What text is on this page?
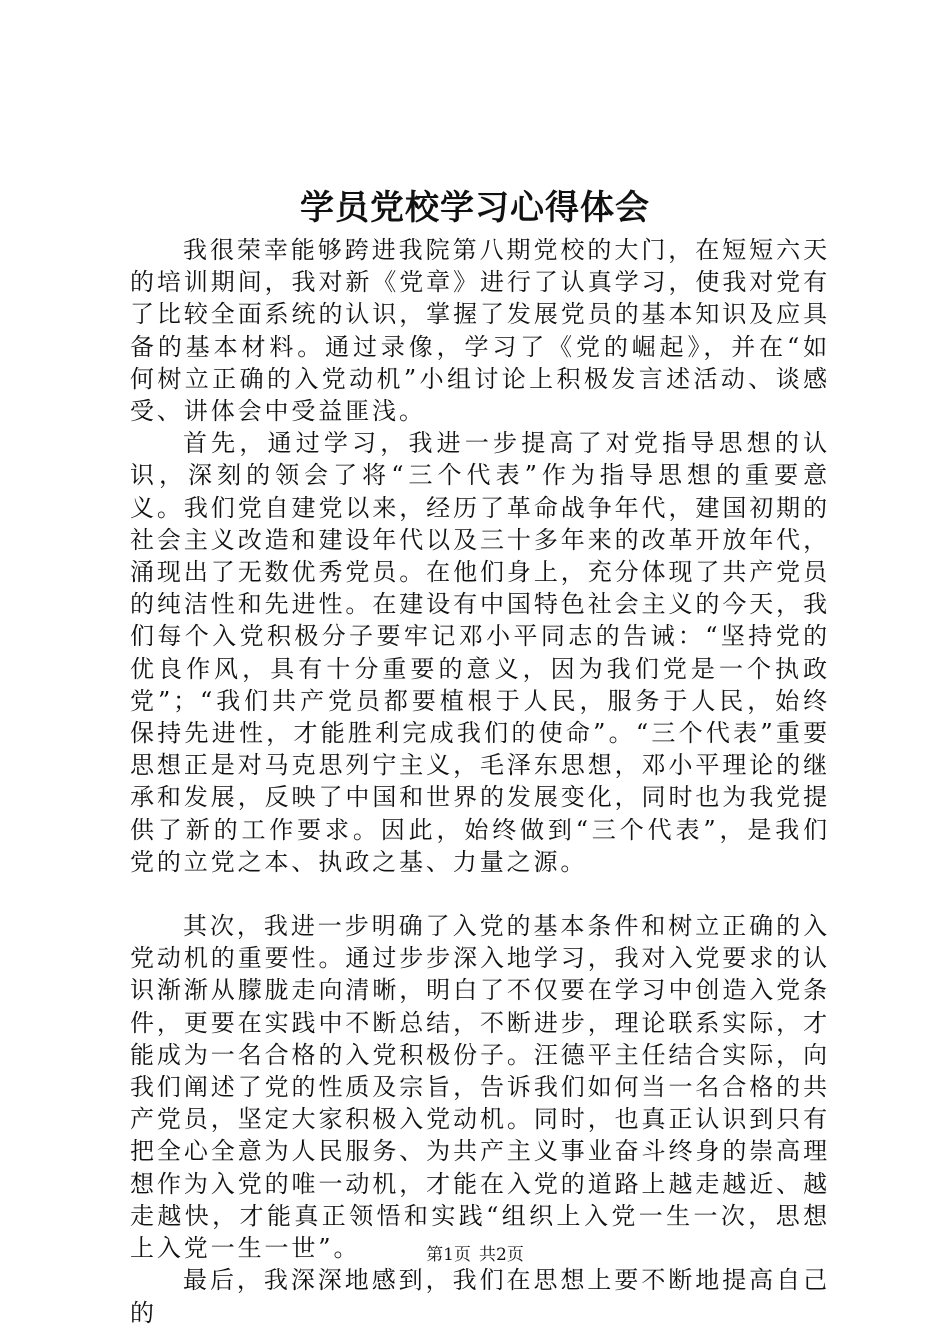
学员党校学习心得体会

我很荣幸能够跨进我院第八期党校的大门，在短短六天的培训期间，我对新《党章》进行了认真学习，使我对党有了比较全面系统的认识，掌握了发展党员的基本知识及应具备的基本材料。通过录像，学习了《党的崛起》，并在“如何树立正确的入党动机”小组讨论上积极发言述活动、谈感受、讲体会中受益匪浅。

首先，通过学习，我进一步提高了对党指导思想的认识，深刻的领会了将“三个代表”作为指导思想的重要意义。我们党自建党以来，经历了革命战争年代，建国初期的社会主义改造和建设年代以及三十多年来的改革开放年代，涌现出了无数优秀党员。在他们身上，充分体现了共产党员的纯洁性和先进性。在建设有中国特色社会主义的今天，我们每个入党积极分子要牢记邓小平同志的告诫：“坚持党的优良作风，具有十分重要的意义，因为我们党是一个执政党”；“我们共产党员都要植根于人民，服务于人民，始终保持先进性，才能胜利完成我们的使命”。“三个代表”重要思想正是对马克思列宁主义，毛泽东思想，邓小平理论的继承和发展，反映了中国和世界的发展变化，同时也为我党提供了新的工作要求。因此，始终做到“三个代表”，是我们党的立党之本、执政之基、力量之源。

其次，我进一步明确了入党的基本条件和树立正确的入党动机的重要性。通过步步深入地学习，我对入党要求的认识渐渐从朦胧走向清晰，明白了不仅要在学习中创造入党条件，更要在实践中不断总结，不断进步，理论联系实际，才能成为一名合格的入党积极份子。汪德平主任结合实际，向我们阐述了党的性质及宗旨，告诉我们如何当一名合格的共产党员，坚定大家积极入党动机。同时，也真正认识到只有把全心全意为人民服务、为共产主义事业奋斗终身的崇高理想作为入党的唯一动机，才能在入党的道路上越走越近、越走越快，才能真正领悟和实践“组织上入党一生一次，思想上入党一生一世”。

最后，我深深地感到，我们在思想上要不断地提高自己的

第1页 共2页
